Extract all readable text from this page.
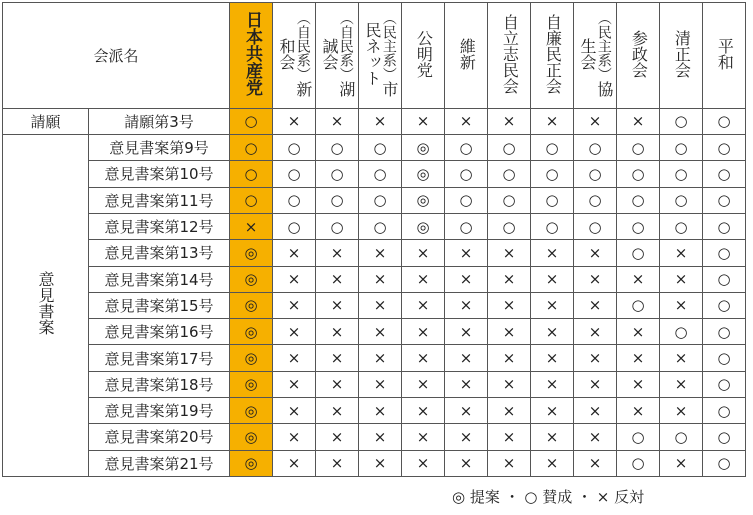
会派名		日本共産党	（自民系）新和会	（自民系）湖誠会	（民主系）市民ネット	公明党	維新	自立志民会	自廉民正会	（民主系）協生会	参政会	清正会	平和
請願	請願第3号	○	×	×	×	×	×	×	×	×	×	○	○
意見書案	意見書案第9号	○	○	○	○	◎	○	○	○	○	○	○	○
	意見書案第10号	○	○	○	○	◎	○	○	○	○	○	○	○
	意見書案第11号	○	○	○	○	◎	○	○	○	○	○	○	○
	意見書案第12号	×	○	○	○	◎	○	○	○	○	○	○	○
	意見書案第13号	◎	×	×	×	×	×	×	×	×	○	×	○
	意見書案第14号	◎	×	×	×	×	×	×	×	×	×	×	○
	意見書案第15号	◎	×	×	×	×	×	×	×	×	○	×	○
	意見書案第16号	◎	×	×	×	×	×	×	×	×	×	○	○
	意見書案第17号	◎	×	×	×	×	×	×	×	×	×	×	○
	意見書案第18号	◎	×	×	×	×	×	×	×	×	×	×	○
	意見書案第19号	◎	×	×	×	×	×	×	×	×	×	×	○
	意見書案第20号	◎	×	×	×	×	×	×	×	×	○	○	○
	意見書案第21号	◎	×	×	×	×	×	×	×	×	○	×	○
◎ 提案 ・ ○ 賛成 ・ × 反対
